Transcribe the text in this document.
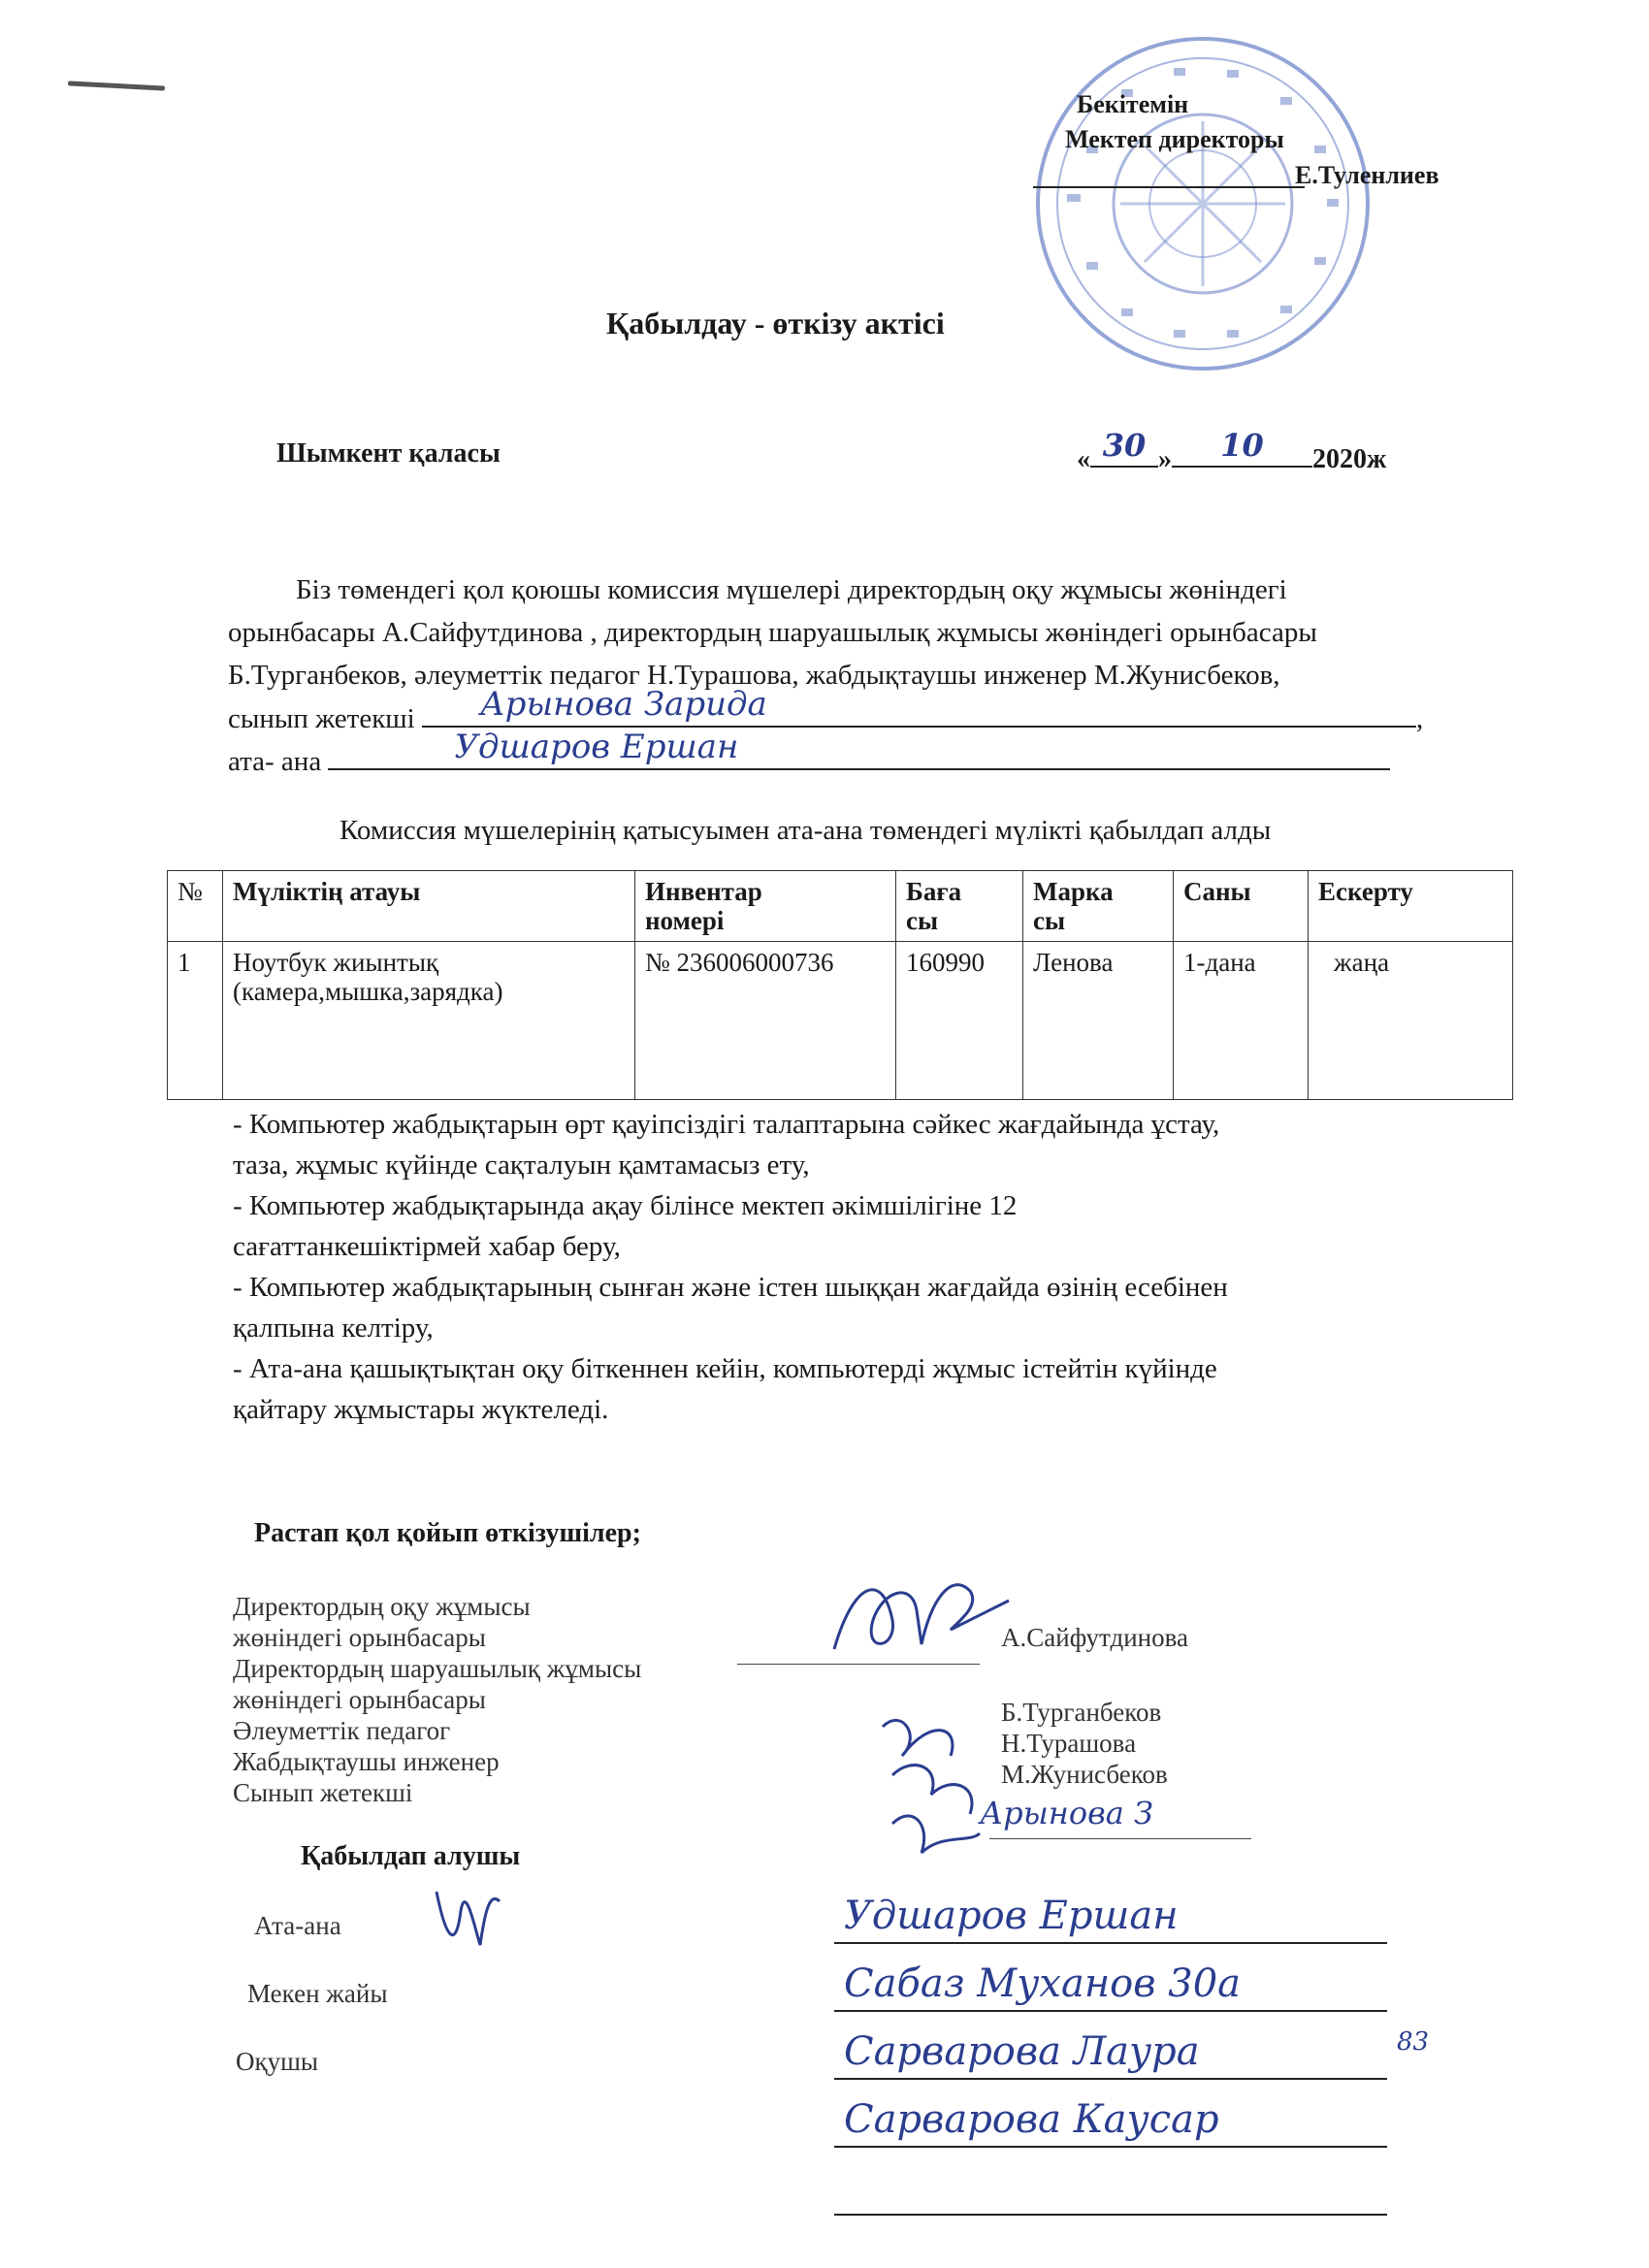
Бекітемін
Мектеп директоры
Е.Туленлиев
Қабылдау - өткізу актісі
Шымкент қаласы	« 30 »	10	2020ж
Біз төмендегі қол қоюшы комиссия мүшелері директордың оқу жұмысы жөніндегі
орынбасары А.Сайфутдинова , директордың шаруашылық жұмысы жөніндегі орынбасары
Б.Турганбеков, әлеуметтік педагог Н.Турашова, жабдықтаушы инженер М.Жунисбеков,
сынып жетекші Арынова Зарида	,
ата- ана	Удшаров Ершан
Комиссия мүшелерінің қатысуымен ата-ана төмендегі мүлікті қабылдап алды
№	Мүліктің атауы	Инвентар номері	Баға сы	Марка сы	Саны	Ескерту
1	Ноутбук жиынтық (камера,мышка,зарядка)	№ 236006000736	160990	Ленова	1-дана	жаңа

- Компьютер жабдықтарын өрт қауіпсіздігі талаптарына сәйкес жағдайында ұстау,

таза, жұмыс күйінде сақталуын қамтамасыз ету,

- Компьютер жабдықтарында ақау білінсе мектеп әкімшілігіне 12

сағаттанкешіктірмей хабар беру,

- Компьютер жабдықтарының сынған және істен шыққан жағдайда өзінің есебінен

қалпына келтіру,

- Ата-ана қашықтықтан оқу біткеннен кейін, компьютерді жұмыс істейтін күйінде

қайтару жұмыстары жүктеледі.

Растап қол қойып өткізушілер;
Директордың оқу жұмысы
жөніндегі орынбасары
Директордың шаруашылық жұмысы
жөніндегі орынбасары
Әлеуметтік педагог
Жабдықтаушы инженер
Сынып жетекші
А.Сайфутдинова
Б.Турганбеков
Н.Турашова
М.Жунисбеков
Арынова З
Қабылдап алушы
Ата-ана
Мекен жайы
Оқушы
Удшаров Ершан
Сабаз Муханов 30а
Сарварова Лаура	83
Сарварова Каусар
